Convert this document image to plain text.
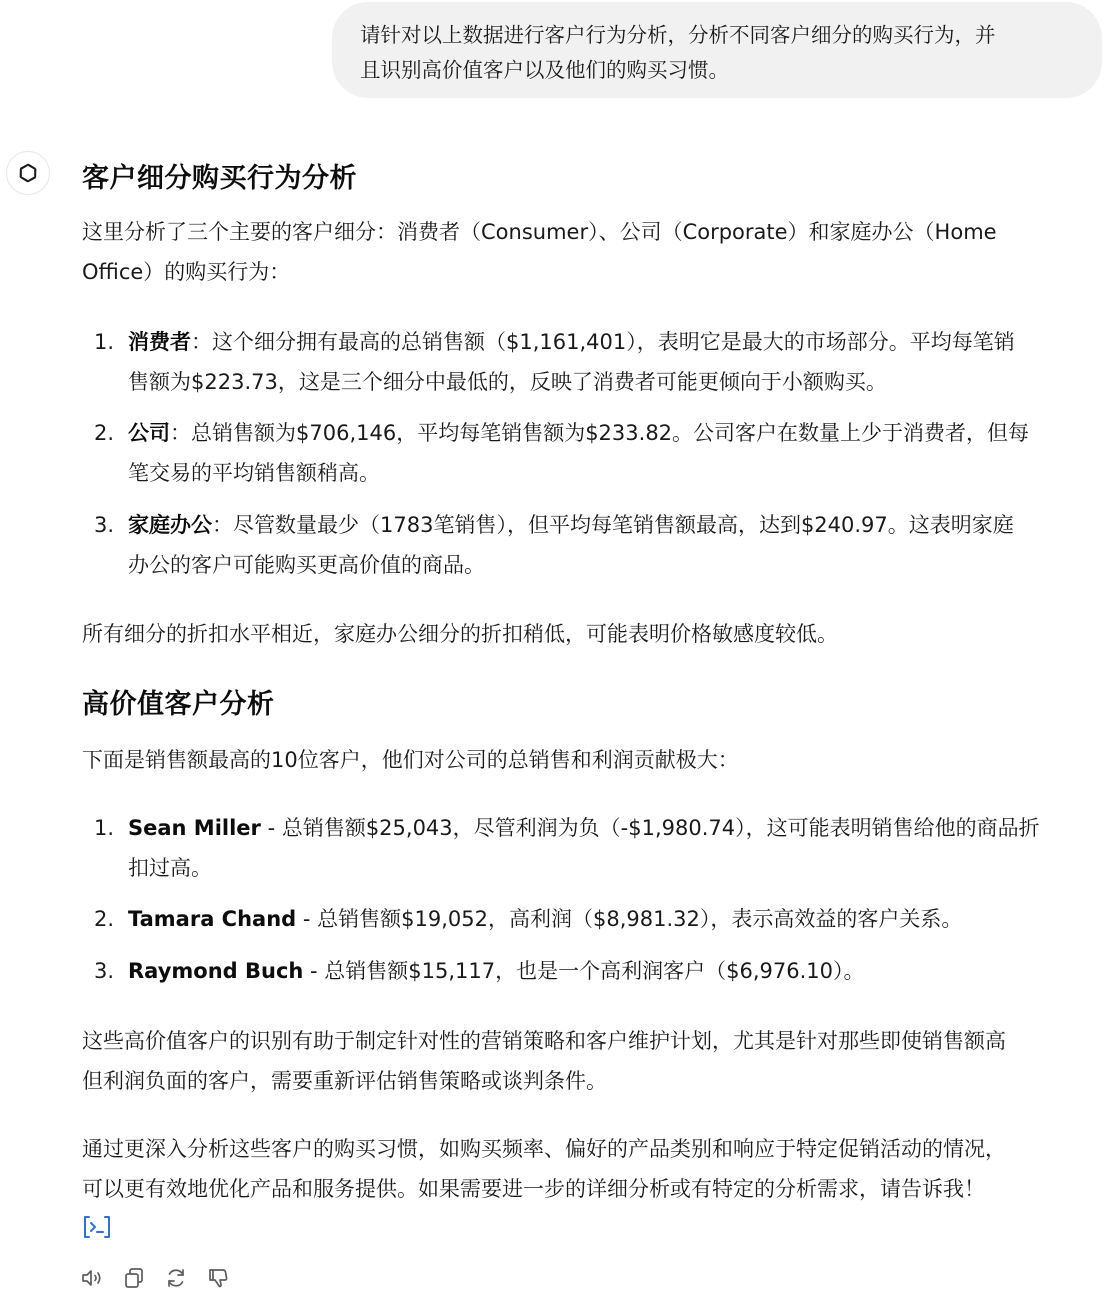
请针对以上数据进行客户行为分析，分析不同客户细分的购买行为，并
且识别高价值客户以及他们的购买习惯。
客户细分购买行为分析
这里分析了三个主要的客户细分：消费者（Consumer）、公司（Corporate）和家庭办公（Home
Office）的购买行为：
1. 消费者：这个细分拥有最高的总销售额（$1,161,401），表明它是最大的市场部分。平均每笔销
售额为$223.73，这是三个细分中最低的，反映了消费者可能更倾向于小额购买。
2. 公司：总销售额为$706,146，平均每笔销售额为$233.82。公司客户在数量上少于消费者，但每
笔交易的平均销售额稍高。
3. 家庭办公：尽管数量最少（1783笔销售），但平均每笔销售额最高，达到$240.97。这表明家庭
办公的客户可能购买更高价值的商品。
所有细分的折扣水平相近，家庭办公细分的折扣稍低，可能表明价格敏感度较低。
高价值客户分析
下面是销售额最高的10位客户，他们对公司的总销售和利润贡献极大：
1. Sean Miller - 总销售额$25,043，尽管利润为负（-$1,980.74），这可能表明销售给他的商品折
扣过高。
2. Tamara Chand - 总销售额$19,052，高利润（$8,981.32），表示高效益的客户关系。
3. Raymond Buch - 总销售额$15,117，也是一个高利润客户（$6,976.10）。
这些高价值客户的识别有助于制定针对性的营销策略和客户维护计划，尤其是针对那些即使销售额高
但利润负面的客户，需要重新评估销售策略或谈判条件。
通过更深入分析这些客户的购买习惯，如购买频率、偏好的产品类别和响应于特定促销活动的情况，
可以更有效地优化产品和服务提供。如果需要进一步的详细分析或有特定的分析需求，请告诉我！
